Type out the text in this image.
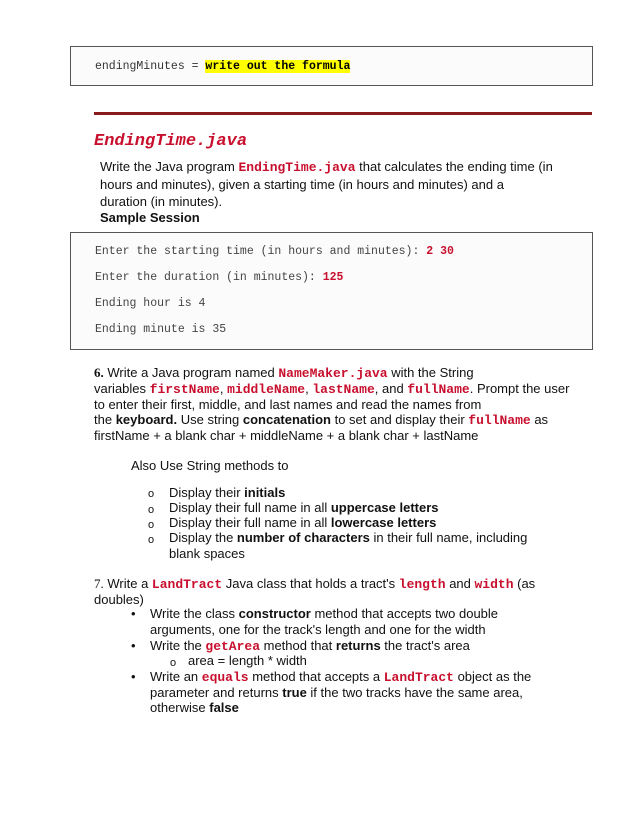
endingMinutes = write out the formula
EndingTime.java
Write the Java program EndingTime.java that calculates the ending time (in
hours and minutes), given a starting time (in hours and minutes) and a
duration (in minutes).
Sample Session
Enter the starting time (in hours and minutes): 2 30
Enter the duration (in minutes): 125
Ending hour is 4
Ending minute is 35
6. Write a Java program named NameMaker.java with the String
variables firstName, middleName, lastName, and fullName. Prompt the user
to enter their first, middle, and last names and read the names from
the keyboard. Use string concatenation to set and display their fullName as
firstName + a blank char + middleName + a blank char + lastName
Also Use String methods to
o Display their initials
o Display their full name in all uppercase letters
o Display their full name in all lowercase letters
o Display the number of characters in their full name, including
blank spaces
7. Write a LandTract Java class that holds a tract's length and width (as
doubles)
• Write the class constructor method that accepts two double
arguments, one for the track's length and one for the width
• Write the getArea method that returns the tract's area
o area = length * width
• Write an equals method that accepts a LandTract object as the
parameter and returns true if the two tracks have the same area,
otherwise false
